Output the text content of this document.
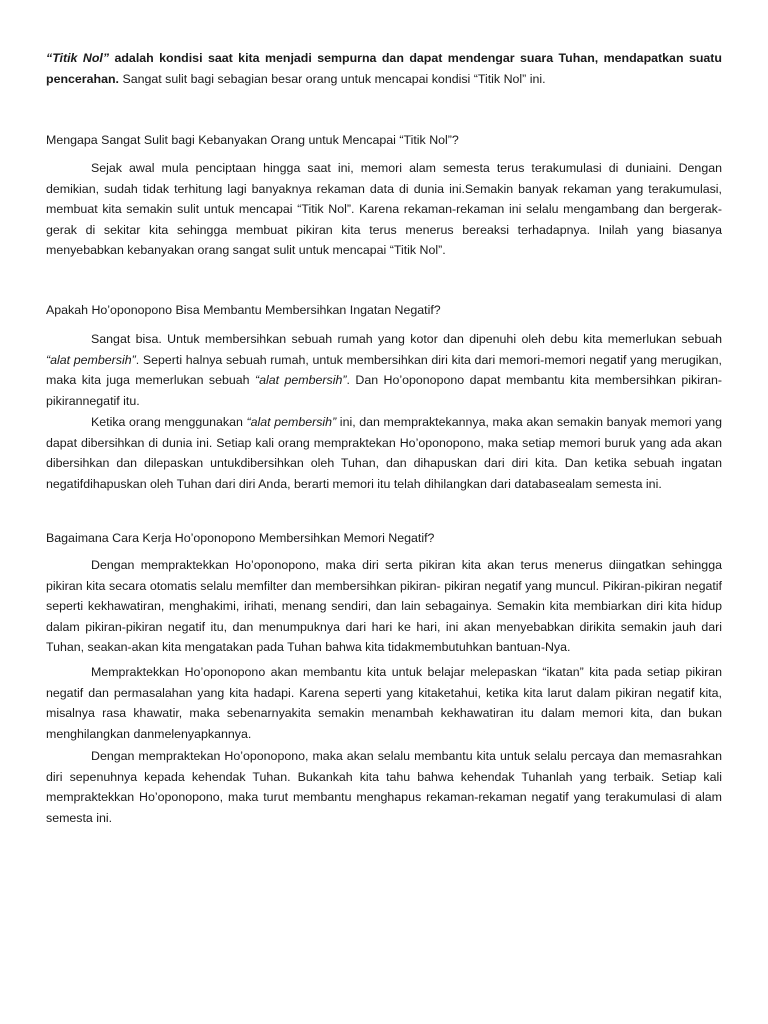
“Titik Nol” adalah kondisi saat kita menjadi sempurna dan dapat mendengar suara Tuhan, mendapatkan suatu pencerahan. Sangat sulit bagi sebagian besar orang untuk mencapai kondisi “Titik Nol” ini.

Mengapa Sangat Sulit bagi Kebanyakan Orang untuk Mencapai “Titik Nol”?

Sejak awal mula penciptaan hingga saat ini, memori alam semesta terus terakumulasi di duniaini. Dengan demikian, sudah tidak terhitung lagi banyaknya rekaman data di dunia ini.Semakin banyak rekaman yang terakumulasi, membuat kita semakin sulit untuk mencapai “Titik Nol”. Karena rekaman-rekaman ini selalu mengambang dan bergerak-gerak di sekitar kita sehingga membuat pikiran kita terus menerus bereaksi terhadapnya. Inilah yang biasanya menyebabkan kebanyakan orang sangat sulit untuk mencapai “Titik Nol”.

Apakah Ho’oponopono Bisa Membantu Membersihkan Ingatan Negatif?

Sangat bisa. Untuk membersihkan sebuah rumah yang kotor dan dipenuhi oleh debu kita memerlukan sebuah “alat pembersih”. Seperti halnya sebuah rumah, untuk membersihkan diri kita dari memori-memori negatif yang merugikan, maka kita juga memerlukan sebuah “alat pembersih”. Dan Ho’oponopono dapat membantu kita membersihkan pikiran-pikirannegatif itu.

Ketika orang menggunakan “alat pembersih” ini, dan mempraktekannya, maka akan semakin banyak memori yang dapat dibersihkan di dunia ini. Setiap kali orang mempraktekan Ho’oponopono, maka setiap memori buruk yang ada akan dibersihkan dan dilepaskan untukdibersihkan oleh Tuhan, dan dihapuskan dari diri kita. Dan ketika sebuah ingatan negatifdihapuskan oleh Tuhan dari diri Anda, berarti memori itu telah dihilangkan dari databasealam semesta ini.

Bagaimana Cara Kerja Ho’oponopono Membersihkan Memori Negatif?

Dengan mempraktekkan Ho’oponopono, maka diri serta pikiran kita akan terus menerus diingatkan sehingga pikiran kita secara otomatis selalu memfilter dan membersihkan pikiran- pikiran negatif yang muncul. Pikiran-pikiran negatif seperti kekhawatiran, menghakimi, irihati, menang sendiri, dan lain sebagainya. Semakin kita membiarkan diri kita hidup dalam pikiran-pikiran negatif itu, dan menumpuknya dari hari ke hari, ini akan menyebabkan dirikita semakin jauh dari Tuhan, seakan-akan kita mengatakan pada Tuhan bahwa kita tidakmembutuhkan bantuan-Nya.

Mempraktekkan Ho’oponopono akan membantu kita untuk belajar melepaskan “ikatan” kita pada setiap pikiran negatif dan permasalahan yang kita hadapi. Karena seperti yang kitaketahui, ketika kita larut dalam pikiran negatif kita, misalnya rasa khawatir, maka sebenarnyakita semakin menambah kekhawatiran itu dalam memori kita, dan bukan menghilangkan danmelenyapkannya.

Dengan mempraktekan Ho’oponopono, maka akan selalu membantu kita untuk selalu percaya dan memasrahkan diri sepenuhnya kepada kehendak Tuhan. Bukankah kita tahu bahwa kehendak Tuhanlah yang terbaik. Setiap kali mempraktekkan Ho’oponopono, maka turut membantu menghapus rekaman-rekaman negatif yang terakumulasi di alam semesta ini.
